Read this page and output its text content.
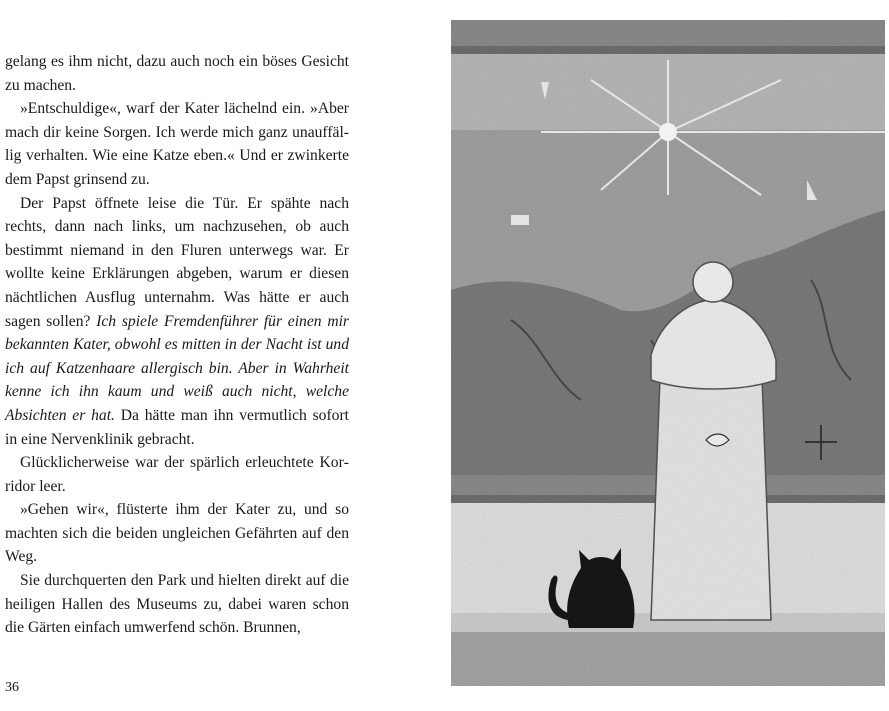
gelang es ihm nicht, dazu auch noch ein böses Gesicht zu machen.

»Entschuldige«, warf der Kater lächelnd ein. »Aber mach dir keine Sorgen. Ich werde mich ganz unauffällig verhalten. Wie eine Katze eben.« Und er zwinkerte dem Papst grinsend zu.

Der Papst öffnete leise die Tür. Er spähte nach rechts, dann nach links, um nachzusehen, ob auch bestimmt niemand in den Fluren unterwegs war. Er wollte keine Erklärungen abgeben, warum er diesen nächtlichen Ausflug unternahm. Was hätte er auch sagen sollen? Ich spiele Fremdenführer für einen mir bekannten Kater, obwohl es mitten in der Nacht ist und ich auf Katzenhaare allergisch bin. Aber in Wahrheit kenne ich ihn kaum und weiß auch nicht, welche Absichten er hat. Da hätte man ihn vermutlich sofort in eine Nervenklinik gebracht.

Glücklicherweise war der spärlich erleuchtete Korridor leer.

»Gehen wir«, flüsterte ihm der Kater zu, und so machten sich die beiden ungleichen Gefährten auf den Weg.

Sie durchquerten den Park und hielten direkt auf die heiligen Hallen des Museums zu, dabei waren schon die Gärten einfach umwerfend schön. Brunnen,

36
